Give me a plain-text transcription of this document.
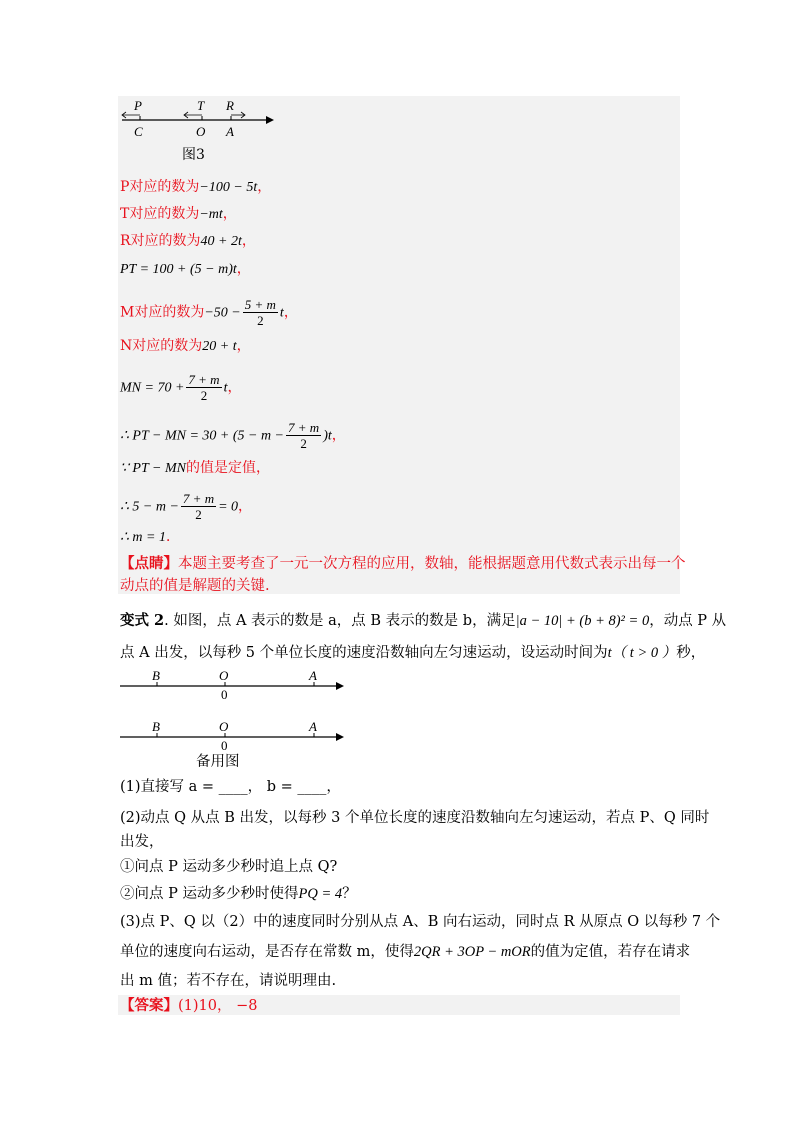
P	T R
C	O A
图3
P对应的数为−100 − 5t，
T对应的数为−mt，
R对应的数为40 + 2t，
PT = 100 + (5 − m)t，
M对应的数为$-50 - \frac{5 + m}{2}$ t，
N对应的数为20 + t，
MN = $70 + \frac{7 + m}{2}$ t，
∴ PT − MN = $30 + (5 - m - \frac{7 + m}{2} )t$，
∵ PT − MN的值是定值，
∴ $5 - m - \frac{7 + m}{2} = 0$，
∴ m = 1．
【点睛】本题主要考查了一元一次方程的应用，数轴，能根据题意用代数式表示出每一个
动点的值是解题的关键.
变式 2. 如图，点 A 表示的数是 a，点 B 表示的数是 b，满足|a − 10| + (b + 8)² = 0，动点 P 从
点 A 出发，以每秒 5 个单位长度的速度沿数轴向左匀速运动，设运动时间为t（ t > 0 ）秒，
B	O	A
0
B	O	A
0
备用图
(1)直接写 a = ____， b = ____，
(2)动点 Q 从点 B 出发，以每秒 3 个单位长度的速度沿数轴向左匀速运动，若点 P、Q 同时
出发，
①问点 P 运动多少秒时追上点 Q?
②问点 P 运动多少秒时使得PQ = 4？
(3)点 P、Q 以（2）中的速度同时分别从点 A、B 向右运动，同时点 R 从原点 O 以每秒 7 个
单位的速度向右运动，是否存在常数 m，使得2QR + 3OP − mOR的值为定值，若存在请求
出 m 值；若不存在，请说明理由.
【答案】(1)10， −8
